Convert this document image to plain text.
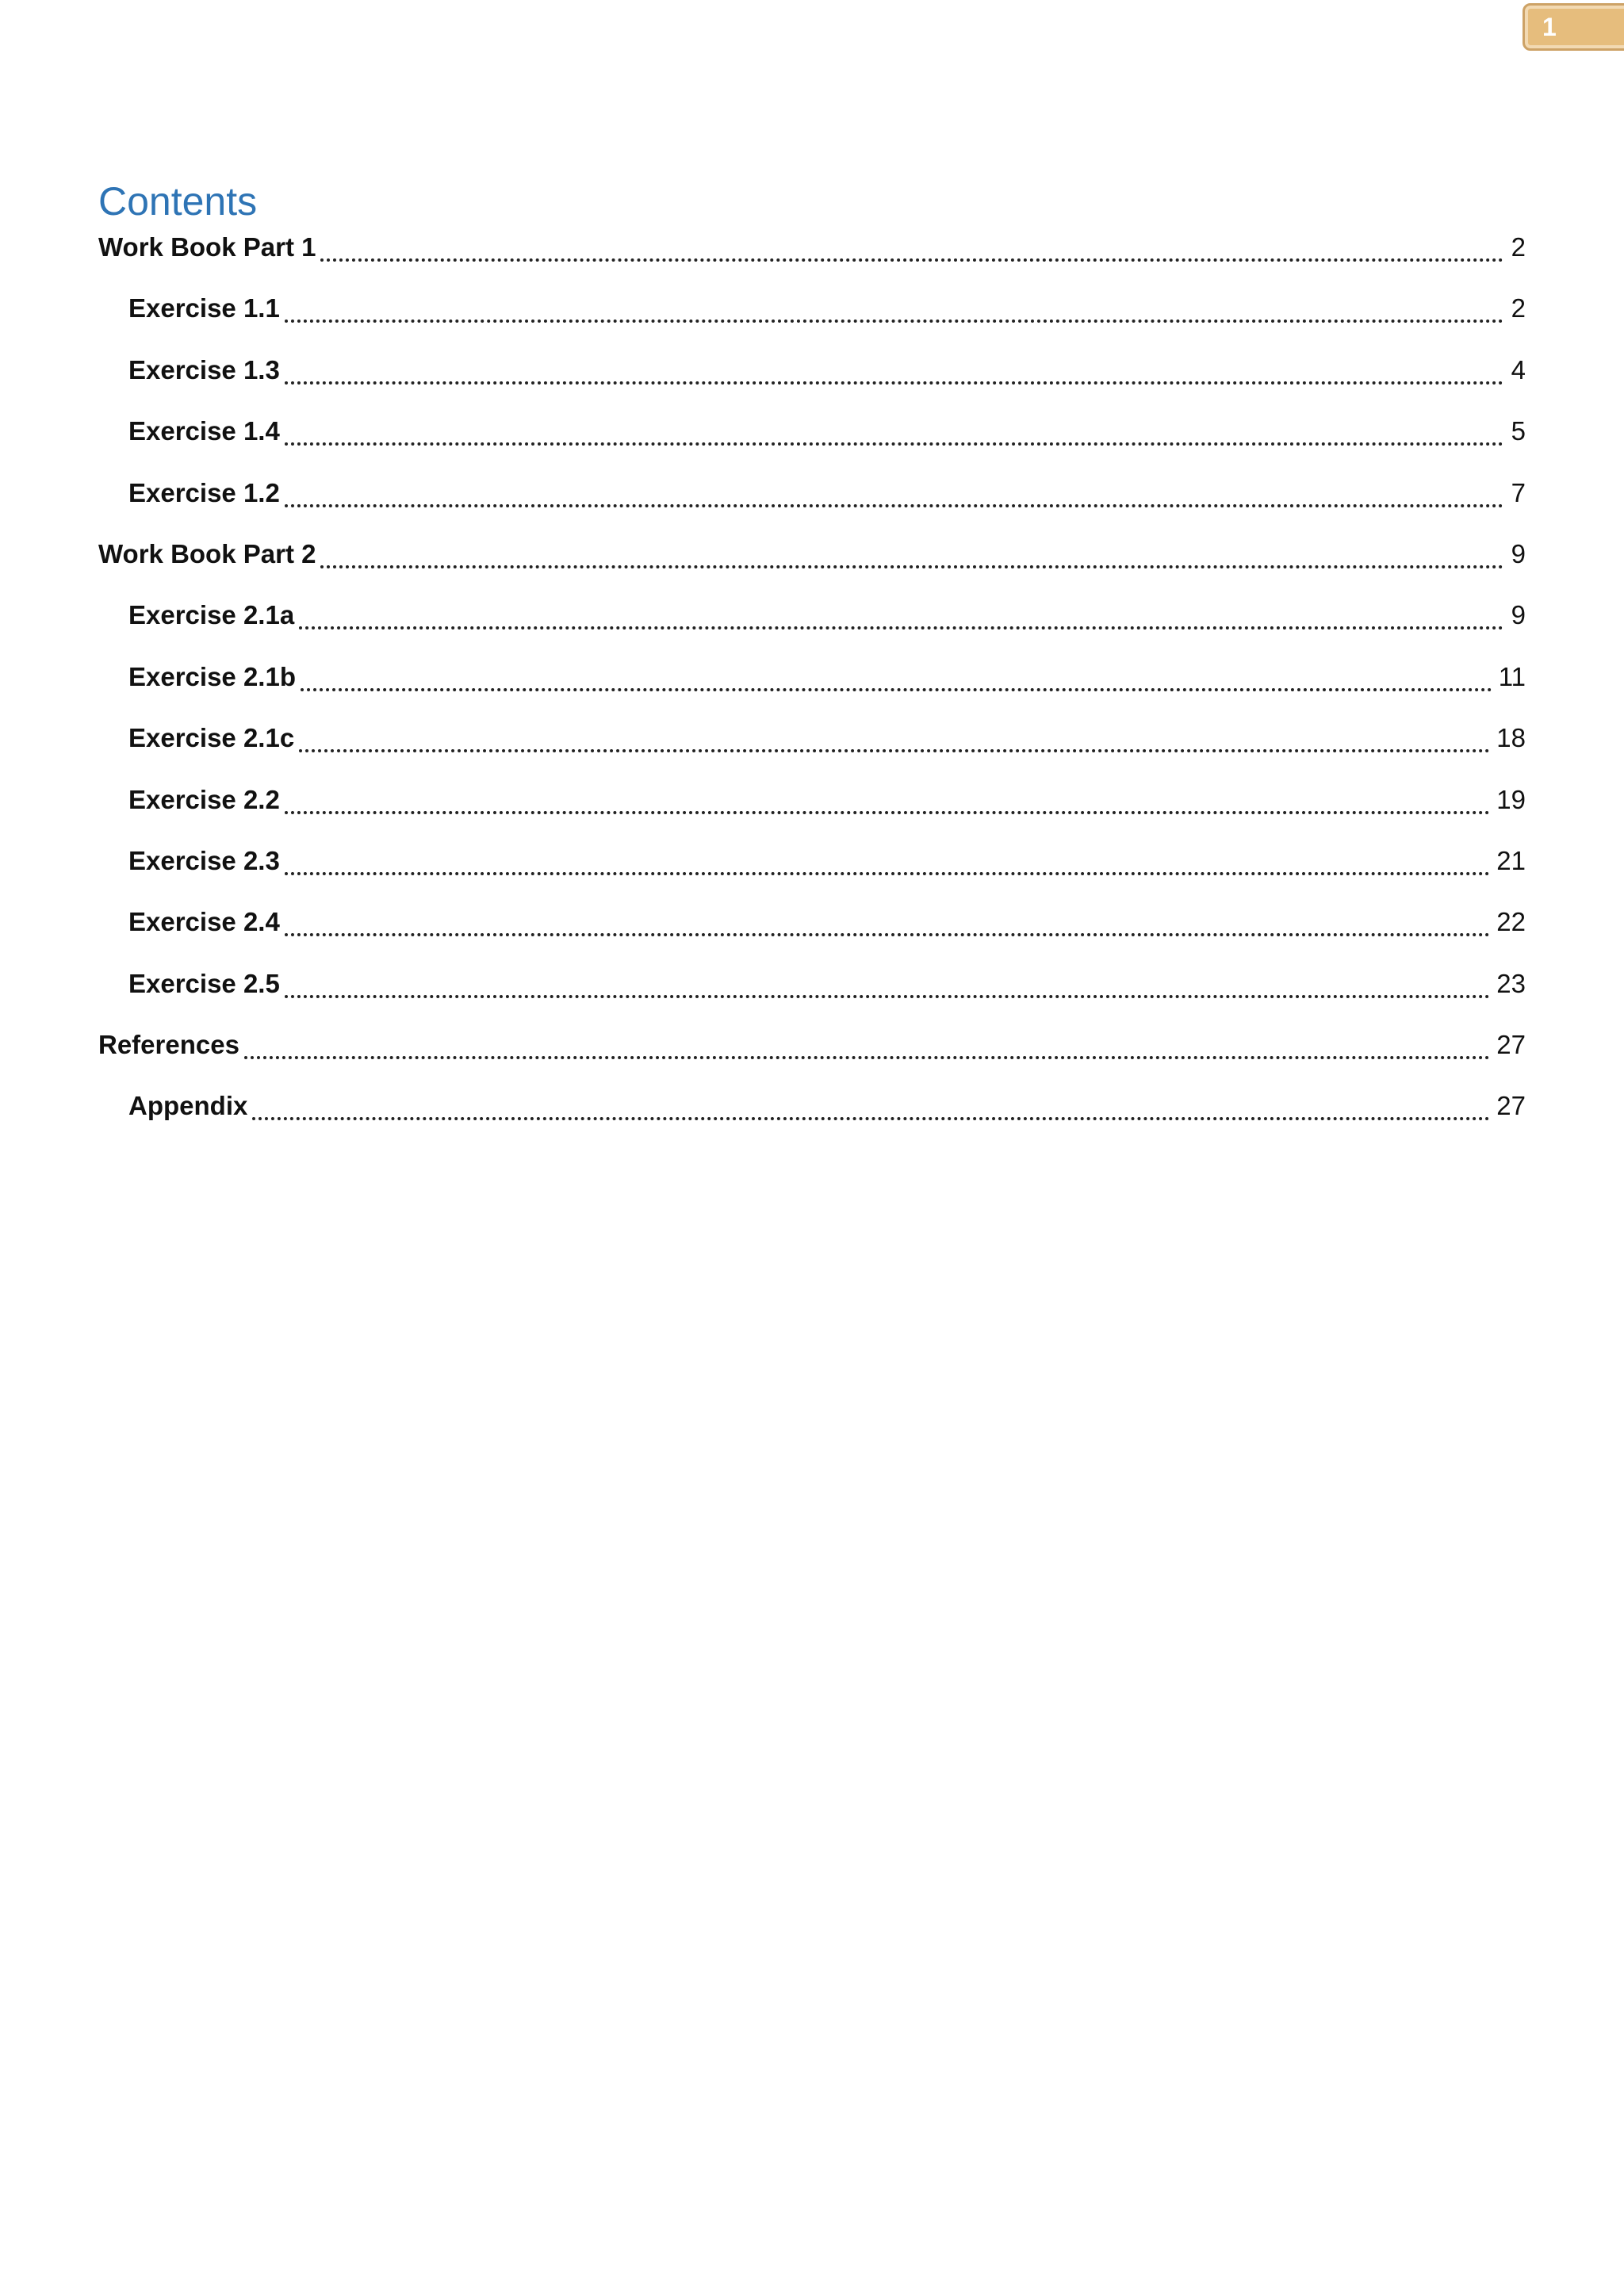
1
Contents
Work Book Part 1	2
Exercise 1.1	2
Exercise 1.3	4
Exercise 1.4	5
Exercise 1.2	7
Work Book Part 2	9
Exercise 2.1a	9
Exercise 2.1b	11
Exercise 2.1c	18
Exercise 2.2	19
Exercise 2.3	21
Exercise 2.4	22
Exercise 2.5	23
References	27
Appendix	27
